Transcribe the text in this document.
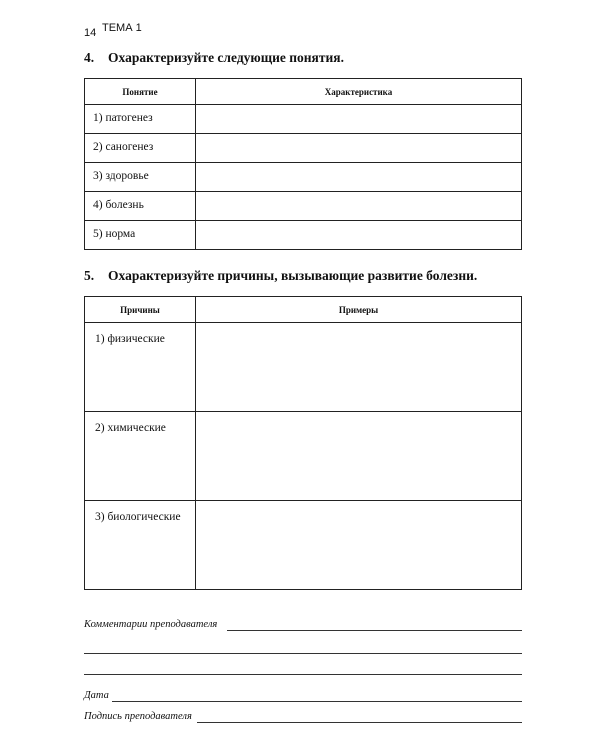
14 ТЕМА 1
4. Охарактеризуйте следующие понятия.
Понятие	Характеристика
1) патогенез	
2) саногенез	
3) здоровье	
4) болезнь	
5) норма	
5. Охарактеризуйте причины, вызывающие развитие болезни.
Причины	Примеры
1) физические	
2) химические	
3) биологические	
Комментарии преподавателя
Дата
Подпись преподавателя
